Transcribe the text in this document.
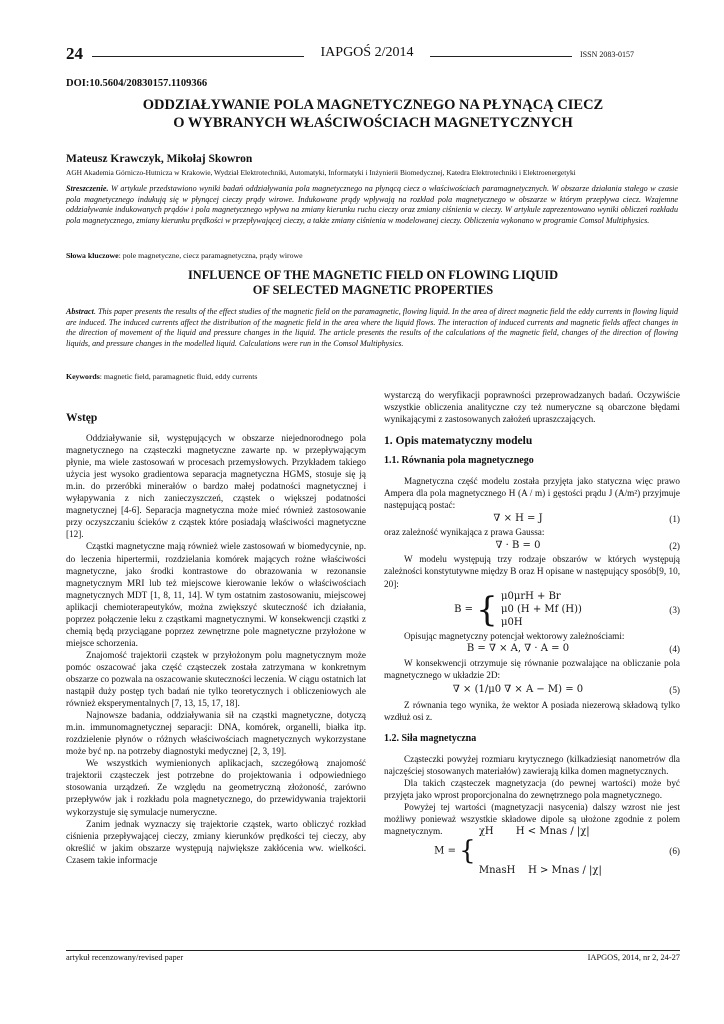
24	IAPGOŚ 2/2014	ISSN 2083-0157
DOI:10.5604/20830157.1109366
ODDZIAŁYWANIE POLA MAGNETYCZNEGO NA PŁYNĄCĄ CIECZ
O WYBRANYCH WŁAŚCIWOŚCIACH MAGNETYCZNYCH
Mateusz Krawczyk, Mikołaj Skowron
AGH Akademia Górniczo-Hutnicza w Krakowie, Wydział Elektrotechniki, Automatyki, Informatyki i Inżynierii Biomedycznej, Katedra Elektrotechniki i Elektroenergetyki
Streszczenie. W artykule przedstawiono wyniki badań oddziaływania pola magnetycznego na płynącą ciecz o właściwościach paramagnetycznych. W obszarze działania stałego w czasie pola magnetycznego indukują się w płynącej cieczy prądy wirowe. Indukowane prądy wpływają na rozkład pola magnetycznego w obszarze w którym przepływa ciecz. Wzajemne oddziaływanie indukowanych prądów i pola magnetycznego wpływa na zmiany kierunku ruchu cieczy oraz zmiany ciśnienia w cieczy. W artykule zaprezentowano wyniki obliczeń rozkładu pola magnetycznego, zmiany kierunku prędkości w przepływającej cieczy, a także zmiany ciśnienia w modelowanej cieczy. Obliczenia wykonano w programie Comsol Multiphysics.
Słowa kluczowe: pole magnetyczne, ciecz paramagnetyczna, prądy wirowe
INFLUENCE OF THE MAGNETIC FIELD ON FLOWING LIQUID
OF SELECTED MAGNETIC PROPERTIES
Abstract. This paper presents the results of the effect studies of the magnetic field on the paramagnetic, flowing liquid. In the area of direct magnetic field the eddy currents in flowing liquid are induced. The induced currents affect the distribution of the magnetic field in the area where the liquid flows. The interaction of induced currents and magnetic fields affect changes in the direction of movement of the liquid and pressure changes in the liquid. The article presents the results of the calculations of the magnetic field, changes of the direction of flowing liquids, and pressure changes in the modelled liquid. Calculations were run in the Comsol Multiphysics.
Keywords: magnetic field, paramagnetic fluid, eddy currents
Wstęp

Oddziaływanie sił, występujących w obszarze niejednorodnego pola magnetycznego na cząsteczki magnetyczne zawarte np. w przepływającym płynie, ma wiele zastosowań w procesach przemysłowych. Przykładem takiego użycia jest wysoko gradientowa separacja magnetyczna HGMS, stosuje się ją m.in. do przeróbki minerałów o bardzo małej podatności magnetycznej i wyłapywania z nich zanieczyszczeń, cząstek o większej podatności magnetycznej [4-6]. Separacja magnetyczna może mieć również zastosowanie przy oczyszczaniu ścieków z cząstek które posiadają właściwości magnetyczne [12].

Cząstki magnetyczne mają również wiele zastosowań w biomedycynie, np. do leczenia hipertermii, rozdzielania komórek mających rożne właściwości magnetyczne, jako środki kontrastowe do obrazowania w rezonansie magnetycznym MRI lub też miejscowe kierowanie leków o właściwościach magnetycznych MDT [1, 8, 11, 14]. W tym ostatnim zastosowaniu, miejscowej aplikacji chemioterapeutyków, można zwiększyć skuteczność ich działania, poprzez połączenie leku z cząstkami magnetycznymi. W konsekwencji cząstki z chemią będą przyciągane poprzez zewnętrzne pole magnetyczne przyłożone w miejsce schorzenia.

Znajomość trajektorii cząstek w przyłożonym polu magnetycznym może pomóc oszacować jaka część cząsteczek została zatrzymana w konkretnym obszarze co pozwala na oszacowanie skuteczności leczenia. W ciągu ostatnich lat nastąpił duży postęp tych badań nie tylko teoretycznych i obliczeniowych ale również eksperymentalnych [7, 13, 15, 17, 18].

Najnowsze badania, oddziaływania sił na cząstki magnetyczne, dotyczą m.in. immunomagnetycznej separacji: DNA, komórek, organelli, białka itp. rozdzielenie płynów o różnych właściwościach magnetycznych wykorzystane może być np. na potrzeby diagnostyki medycznej [2, 3, 19].

We wszystkich wymienionych aplikacjach, szczegółową znajomość trajektorii cząsteczek jest potrzebne do projektowania i odpowiedniego stosowania urządzeń. Ze względu na geometryczną złożoność, zarówno przepływów jak i rozkładu pola magnetycznego, do przewidywania trajektorii wykorzystuje się symulacje numeryczne.

Zanim jednak wyznaczy się trajektorie cząstek, warto obliczyć rozkład ciśnienia przepływającej cieczy, zmiany kierunków prędkości tej cieczy, aby określić w jakim obszarze występują największe zakłócenia ww. wielkości. Czasem takie informacje

wystarczą do weryfikacji poprawności przeprowadzanych badań. Oczywiście wszystkie obliczenia analityczne czy też numeryczne są obarczone błędami wynikającymi z zastosowanych założeń upraszczających.

1. Opis matematyczny modelu
1.1. Równania pola magnetycznego

Magnetyczna część modelu została przyjęta jako statyczna więc prawo Ampera dla pola magnetycznego H (A / m) i gęstości prądu J (A/m²) przyjmuje następującą postać:

∇ × H = J	(1)

oraz zależność wynikająca z prawa Gaussa:

∇ · B = 0	(2)

W modelu występują trzy rodzaje obszarów w których występują zależności konstytutywne między B oraz H opisane w następujący sposób[9, 10, 20]:

B = { μ0μrH + Br
μ0 (H + Mf (H))
μ0H
(3)

Opisując magnetyczny potencjał wektorowy zależnościami:

B = ∇ × A, ∇ · A = 0	(4)

W konsekwencji otrzymuje się równanie pozwalające na obliczanie pola magnetycznego w układzie 2D:

∇ × (1/μ0 ∇ × A − M) = 0	(5)

Z równania tego wynika, że wektor A posiada niezerową składową tylko wzdłuż osi z.

1.2. Siła magnetyczna

Cząsteczki powyżej rozmiaru krytycznego (kilkadziesiąt nanometrów dla najczęściej stosowanych materiałów) zawierają kilka domen magnetycznych.

Dla takich cząsteczek magnetyzacja (do pewnej wartości) może być przyjęta jako wprost proporcjonalna do zewnętrznego pola magnetycznego.

Powyżej tej wartości (magnetyzacji nasycenia) dalszy wzrost nie jest możliwy ponieważ wszystkie składowe dipole są ułożone zgodnie z polem magnetycznym.

M = {

χH       H < Mnas / |χ|

MnasH    H > Mnas / |χ|

(6)
artykuł recenzowany/revised paper	IAPGOS, 2014, nr 2, 24-27
